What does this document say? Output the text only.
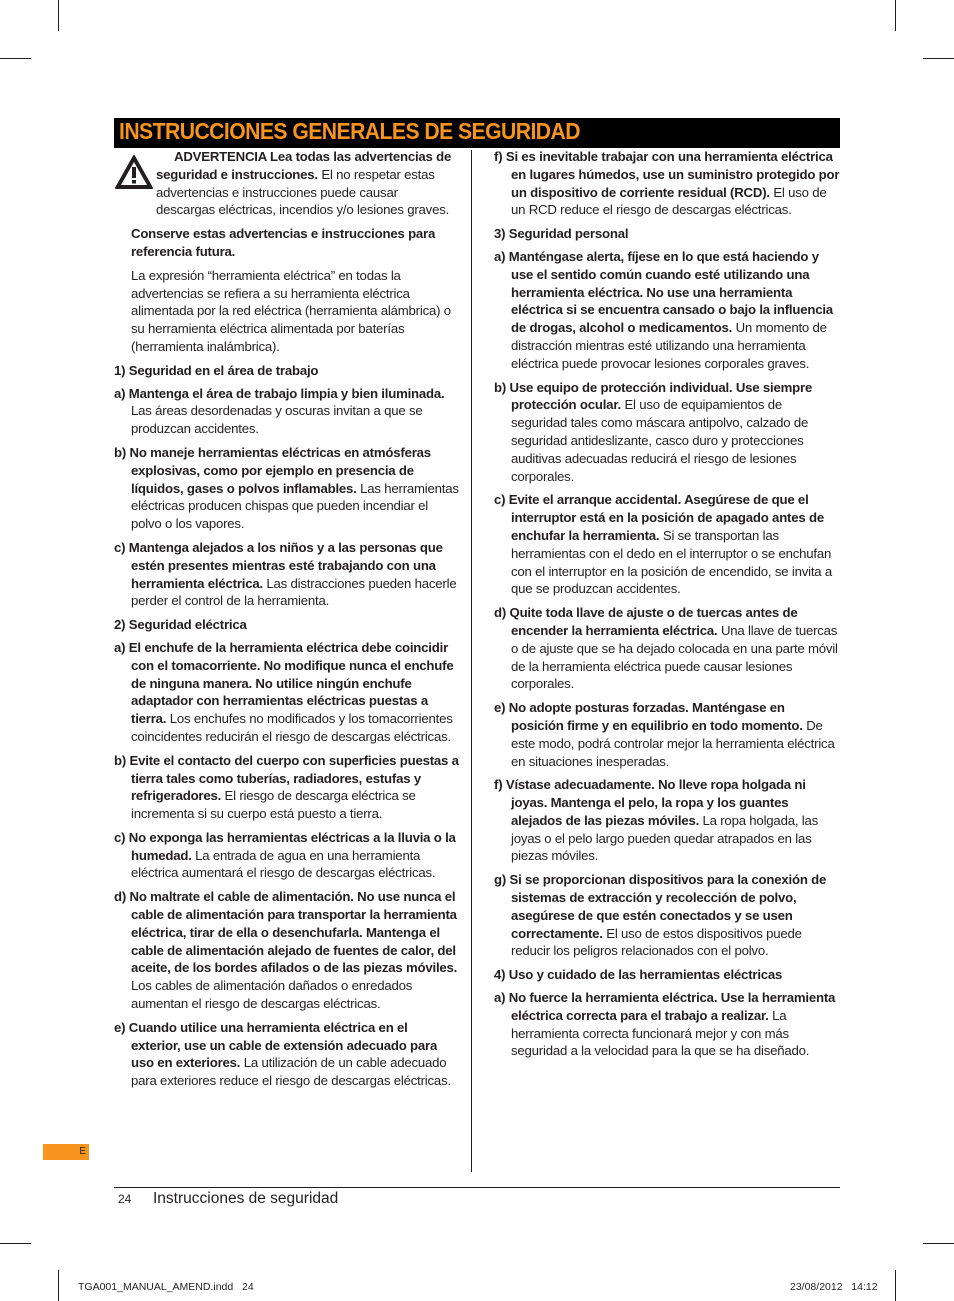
INSTRUCCIONES GENERALES DE SEGURIDAD

ADVERTENCIA Lea todas las advertencias de seguridad e instrucciones. El no respetar estas advertencias e instrucciones puede causar descargas eléctricas, incendios y/o lesiones graves.

Conserve estas advertencias e instrucciones para referencia futura.

La expresión “herramienta eléctrica” en todas la advertencias se refiera a su herramienta eléctrica alimentada por la red eléctrica (herramienta alámbrica) o su herramienta eléctrica alimentada por baterías (herramienta inalámbrica).

1) Seguridad en el área de trabajo

a) Mantenga el área de trabajo limpia y bien iluminada. Las áreas desordenadas y oscuras invitan a que se produzcan accidentes.

b) No maneje herramientas eléctricas en atmósferas explosivas, como por ejemplo en presencia de líquidos, gases o polvos inflamables. Las herramientas eléctricas producen chispas que pueden incendiar el polvo o los vapores.

c) Mantenga alejados a los niños y a las personas que estén presentes mientras esté trabajando con una herramienta eléctrica. Las distracciones pueden hacerle perder el control de la herramienta.

2) Seguridad eléctrica

a) El enchufe de la herramienta eléctrica debe coincidir con el tomacorriente. No modifique nunca el enchufe de ninguna manera. No utilice ningún enchufe adaptador con herramientas eléctricas puestas a tierra. Los enchufes no modificados y los tomacorrientes coincidentes reducirán el riesgo de descargas eléctricas.

b) Evite el contacto del cuerpo con superficies puestas a tierra tales como tuberías, radiadores, estufas y refrigeradores. El riesgo de descarga eléctrica se incrementa si su cuerpo está puesto a tierra.

c) No exponga las herramientas eléctricas a la lluvia o la humedad. La entrada de agua en una herramienta eléctrica aumentará el riesgo de descargas eléctricas.

d) No maltrate el cable de alimentación. No use nunca el cable de alimentación para transportar la herramienta eléctrica, tirar de ella o desenchufarla. Mantenga el cable de alimentación alejado de fuentes de calor, del aceite, de los bordes afilados o de las piezas móviles. Los cables de alimentación dañados o enredados aumentan el riesgo de descargas eléctricas.

e) Cuando utilice una herramienta eléctrica en el exterior, use un cable de extensión adecuado para uso en exteriores. La utilización de un cable adecuado para exteriores reduce el riesgo de descargas eléctricas.

f) Si es inevitable trabajar con una herramienta eléctrica en lugares húmedos, use un suministro protegido por un dispositivo de corriente residual (RCD). El uso de un RCD reduce el riesgo de descargas eléctricas.

3) Seguridad personal

a) Manténgase alerta, fíjese en lo que está haciendo y use el sentido común cuando esté utilizando una herramienta eléctrica. No use una herramienta eléctrica si se encuentra cansado o bajo la influencia de drogas, alcohol o medicamentos. Un momento de distracción mientras esté utilizando una herramienta eléctrica puede provocar lesiones corporales graves.

b) Use equipo de protección individual. Use siempre protección ocular. El uso de equipamientos de seguridad tales como máscara antipolvo, calzado de seguridad antideslizante, casco duro y protecciones auditivas adecuadas reducirá el riesgo de lesiones corporales.

c) Evite el arranque accidental. Asegúrese de que el interruptor está en la posición de apagado antes de enchufar la herramienta. Si se transportan las herramientas con el dedo en el interruptor o se enchufan con el interruptor en la posición de encendido, se invita a que se produzcan accidentes.

d) Quite toda llave de ajuste o de tuercas antes de encender la herramienta eléctrica. Una llave de tuercas o de ajuste que se ha dejado colocada en una parte móvil de la herramienta eléctrica puede causar lesiones corporales.

e) No adopte posturas forzadas. Manténgase en posición firme y en equilibrio en todo momento. De este modo, podrá controlar mejor la herramienta eléctrica en situaciones inesperadas.

f) Vístase adecuadamente. No lleve ropa holgada ni joyas. Mantenga el pelo, la ropa y los guantes alejados de las piezas móviles. La ropa holgada, las joyas o el pelo largo pueden quedar atrapados en las piezas móviles.

g) Si se proporcionan dispositivos para la conexión de sistemas de extracción y recolección de polvo, asegúrese de que estén conectados y se usen correctamente. El uso de estos dispositivos puede reducir los peligros relacionados con el polvo.

4) Uso y cuidado de las herramientas eléctricas

a) No fuerce la herramienta eléctrica. Use la herramienta eléctrica correcta para el trabajo a realizar. La herramienta correcta funcionará mejor y con más seguridad a la velocidad para la que se ha diseñado.

E
24 Instrucciones de seguridad
TGA001_MANUAL_AMEND.indd   24	23/08/2012   14:12
